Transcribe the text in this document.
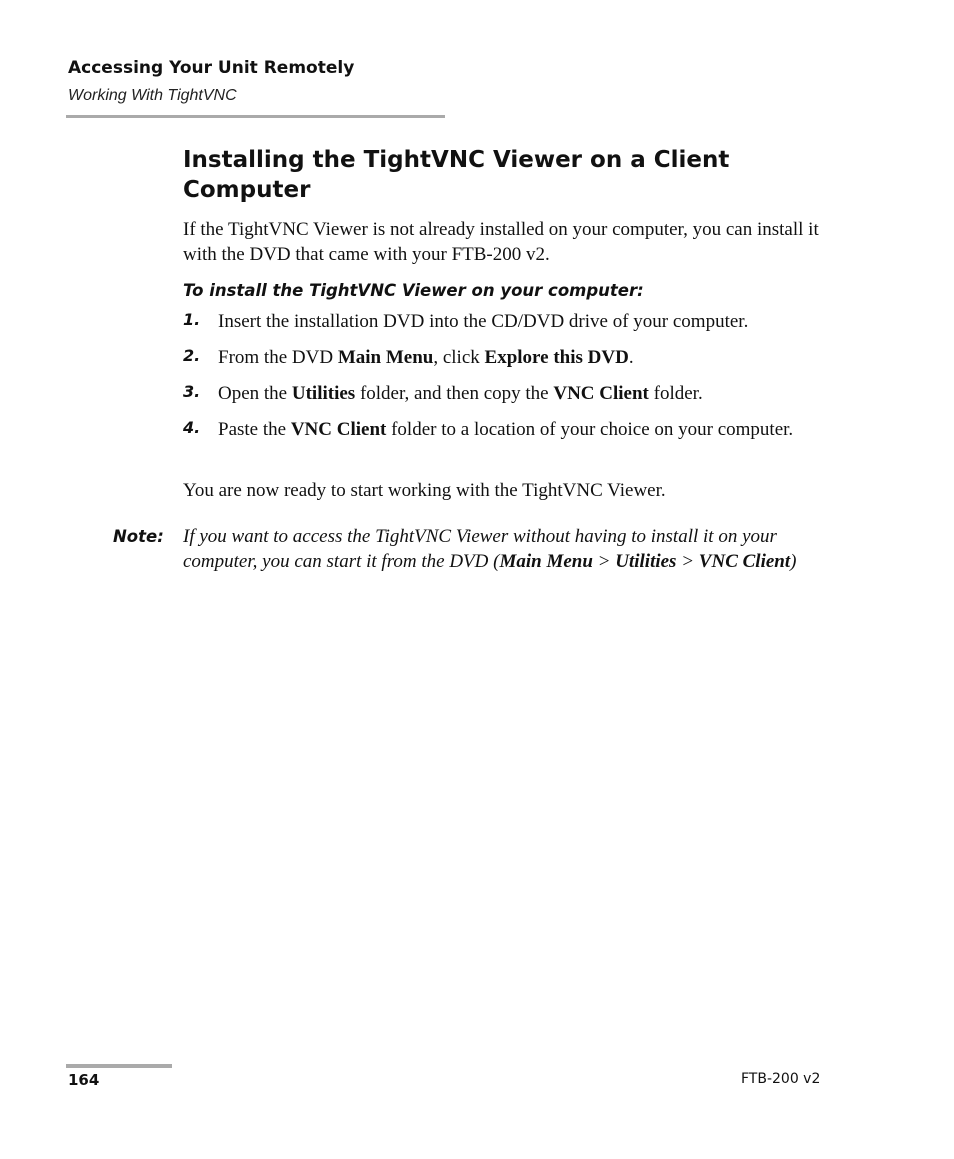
Accessing Your Unit Remotely
Working With TightVNC
Installing the TightVNC Viewer on a Client Computer
If the TightVNC Viewer is not already installed on your computer, you can install it with the DVD that came with your FTB-200 v2.
To install the TightVNC Viewer on your computer:
1. Insert the installation DVD into the CD/DVD drive of your computer.
2. From the DVD Main Menu, click Explore this DVD.
3. Open the Utilities folder, and then copy the VNC Client folder.
4. Paste the VNC Client folder to a location of your choice on your computer.
You are now ready to start working with the TightVNC Viewer.
Note: If you want to access the TightVNC Viewer without having to install it on your computer, you can start it from the DVD (Main Menu > Utilities > VNC Client)
164	FTB-200 v2
